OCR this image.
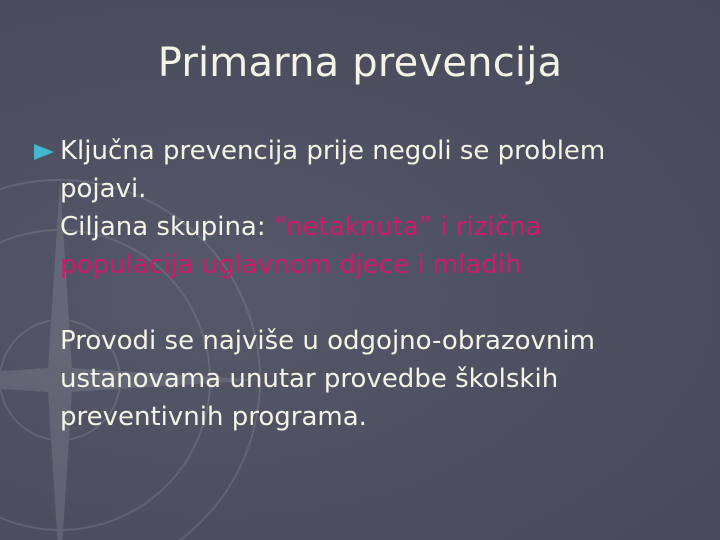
Primarna prevencija
Ključna prevencija prije negoli se problem
pojavi.
Ciljana skupina: “netaknuta” i rizična
populacija uglavnom djece i mladih
Provodi se najviše u odgojno-obrazovnim
ustanovama unutar provedbe školskih
preventivnih programa.
